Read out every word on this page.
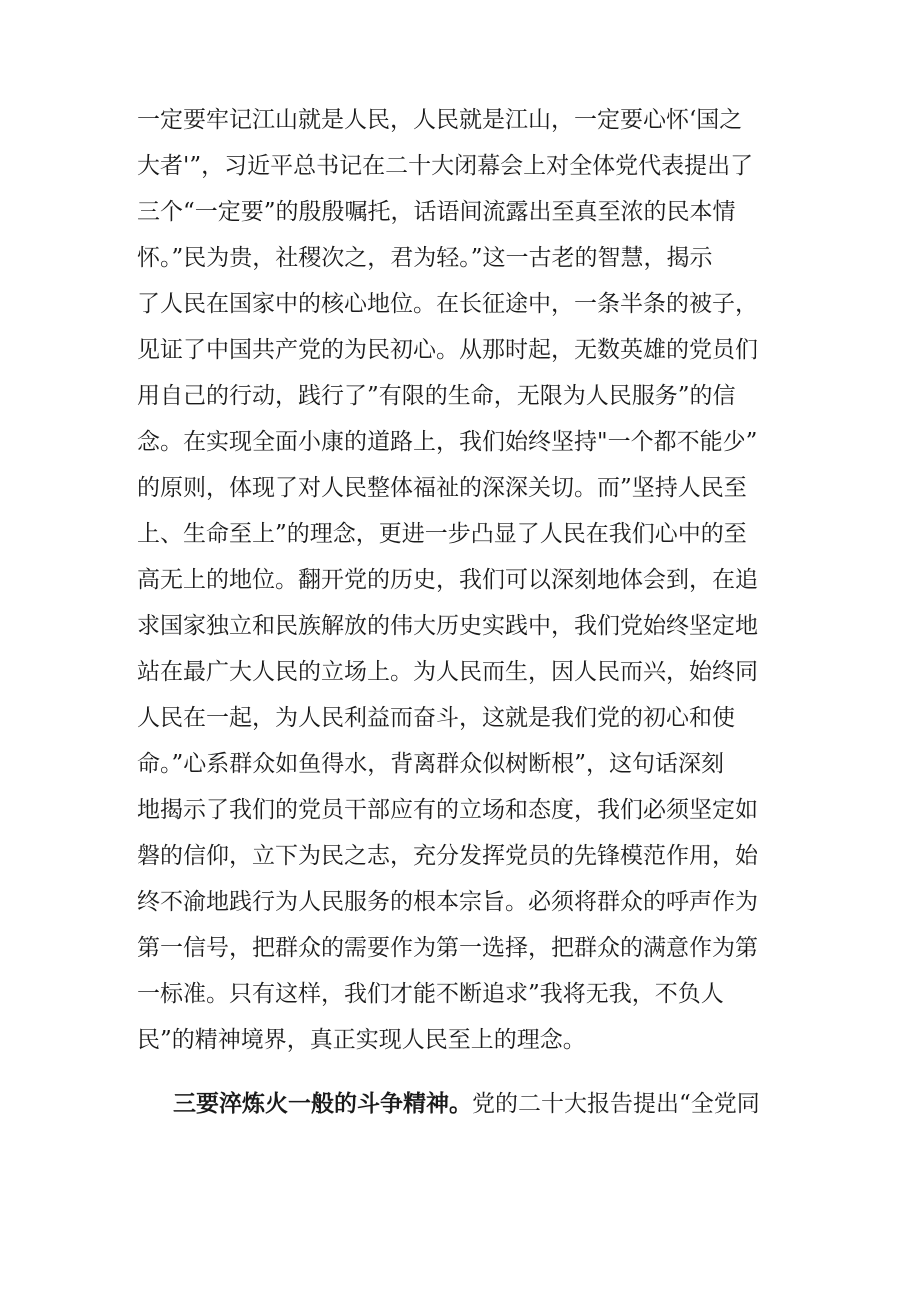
一定要牢记江山就是人民，人民就是江山，一定要心怀‘国之
大者'”，习近平总书记在二十大闭幕会上对全体党代表提出了
三个“一定要”的殷殷嘱托，话语间流露出至真至浓的民本情
怀。”民为贵，社稷次之，君为轻。”这一古老的智慧，揭示
了人民在国家中的核心地位。在长征途中，一条半条的被子，
见证了中国共产党的为民初心。从那时起，无数英雄的党员们
用自己的行动，践行了”有限的生命，无限为人民服务”的信
念。在实现全面小康的道路上，我们始终坚持"一个都不能少”
的原则，体现了对人民整体福祉的深深关切。而”坚持人民至
上、生命至上”的理念，更进一步凸显了人民在我们心中的至
高无上的地位。翻开党的历史，我们可以深刻地体会到，在追
求国家独立和民族解放的伟大历史实践中，我们党始终坚定地
站在最广大人民的立场上。为人民而生，因人民而兴，始终同
人民在一起，为人民利益而奋斗，这就是我们党的初心和使
命。”心系群众如鱼得水，背离群众似树断根”，这句话深刻
地揭示了我们的党员干部应有的立场和态度，我们必须坚定如
磐的信仰，立下为民之志，充分发挥党员的先锋模范作用，始
终不渝地践行为人民服务的根本宗旨。必须将群众的呼声作为
第一信号，把群众的需要作为第一选择，把群众的满意作为第
一标准。只有这样，我们才能不断追求”我将无我，不负人
民”的精神境界，真正实现人民至上的理念。
三要淬炼火一般的斗争精神。党的二十大报告提出“全党同
